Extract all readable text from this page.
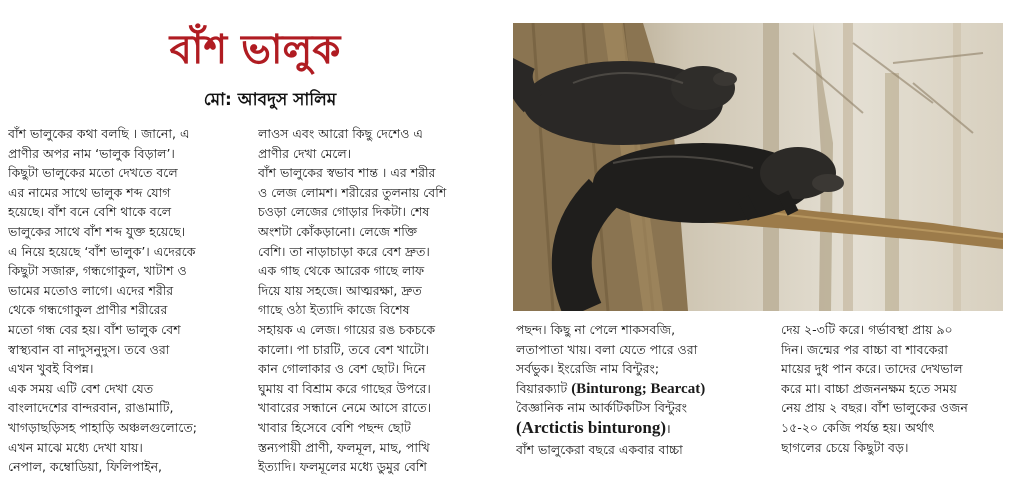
বাঁশ ভালুক
মো: আবদুস সালিম
বাঁশ ভালুকের কথা বলছি । জানো, এ
প্রাণীর অপর নাম ‘ভালুক বিড়াল’।
কিছুটা ভালুকের মতো দেখতে বলে
এর নামের সাথে ভালুক শব্দ যোগ
হয়েছে। বাঁশ বনে বেশি থাকে বলে
ভালুকের সাথে বাঁশ শব্দ যুক্ত হয়েছে।
এ নিয়ে হয়েছে ‘বাঁশ ভালুক’। এদেরকে
কিছুটা সজারু, গন্ধগোকুল, খাটাশ ও
ভামের মতোও লাগে। এদের শরীর
থেকে গন্ধগোকুল প্রাণীর শরীরের
মতো গন্ধ বের হয়। বাঁশ ভালুক বেশ
স্বাস্থ্যবান বা নাদুসনুদুস। তবে ওরা
এখন খুবই বিপন্ন।
এক সময় এটি বেশ দেখা যেত
বাংলাদেশের বান্দরবান, রাঙামাটি,
খাগড়াছড়িসহ পাহাড়ি অঞ্চলগুলোতে;
এখন মাঝে মধ্যে দেখা যায়।
নেপাল, কম্বোডিয়া, ফিলিপাইন,
লাওস এবং আরো কিছু দেশেও এ
প্রাণীর দেখা মেলে।
বাঁশ ভালুকের স্বভাব শান্ত । এর শরীর
ও লেজ লোমশ। শরীরের তুলনায় বেশি
চওড়া লেজের গোড়ার দিকটা। শেষ
অংশটা কোঁকড়ানো। লেজে শক্তি
বেশি। তা নাড়াচাড়া করে বেশ দ্রুত।
এক গাছ থেকে আরেক গাছে লাফ
দিয়ে যায় সহজে। আত্মরক্ষা, দ্রুত
গাছে ওঠা ইত্যাদি কাজে বিশেষ
সহায়ক এ লেজ। গায়ের রঙ চকচকে
কালো। পা চারটি, তবে বেশ খাটো।
কান গোলাকার ও বেশ ছোট। দিনে
ঘুমায় বা বিশ্রাম করে গাছের উপরে।
খাবারের সন্ধানে নেমে আসে রাতে।
খাবার হিসেবে বেশি পছন্দ ছোট
স্তন্যপায়ী প্রাণী, ফলমূল, মাছ, পাখি
ইত্যাদি। ফলমূলের মধ্যে ডুমুর বেশি
পছন্দ। কিছু না পেলে শাকসবজি,
লতাপাতা খায়। বলা যেতে পারে ওরা
সর্বভুক। ইংরেজি নাম বিন্টুরং;
বিয়ারক্যাট (Binturong; Bearcat)
বৈজ্ঞানিক নাম আর্কটিকটিস বিন্টুরং
(Arctictis binturong)।
বাঁশ ভালুকেরা বছরে একবার বাচ্চা
দেয় ২-৩টি করে। গর্ভাবস্থা প্রায় ৯০
দিন। জন্মের পর বাচ্চা বা শাবকেরা
মায়ের দুধ পান করে। তাদের দেখভাল
করে মা। বাচ্চা প্রজননক্ষম হতে সময়
নেয় প্রায় ২ বছর। বাঁশ ভালুকের ওজন
১৫-২০ কেজি পর্যন্ত হয়। অর্থাৎ
ছাগলের চেয়ে কিছুটা বড়।
